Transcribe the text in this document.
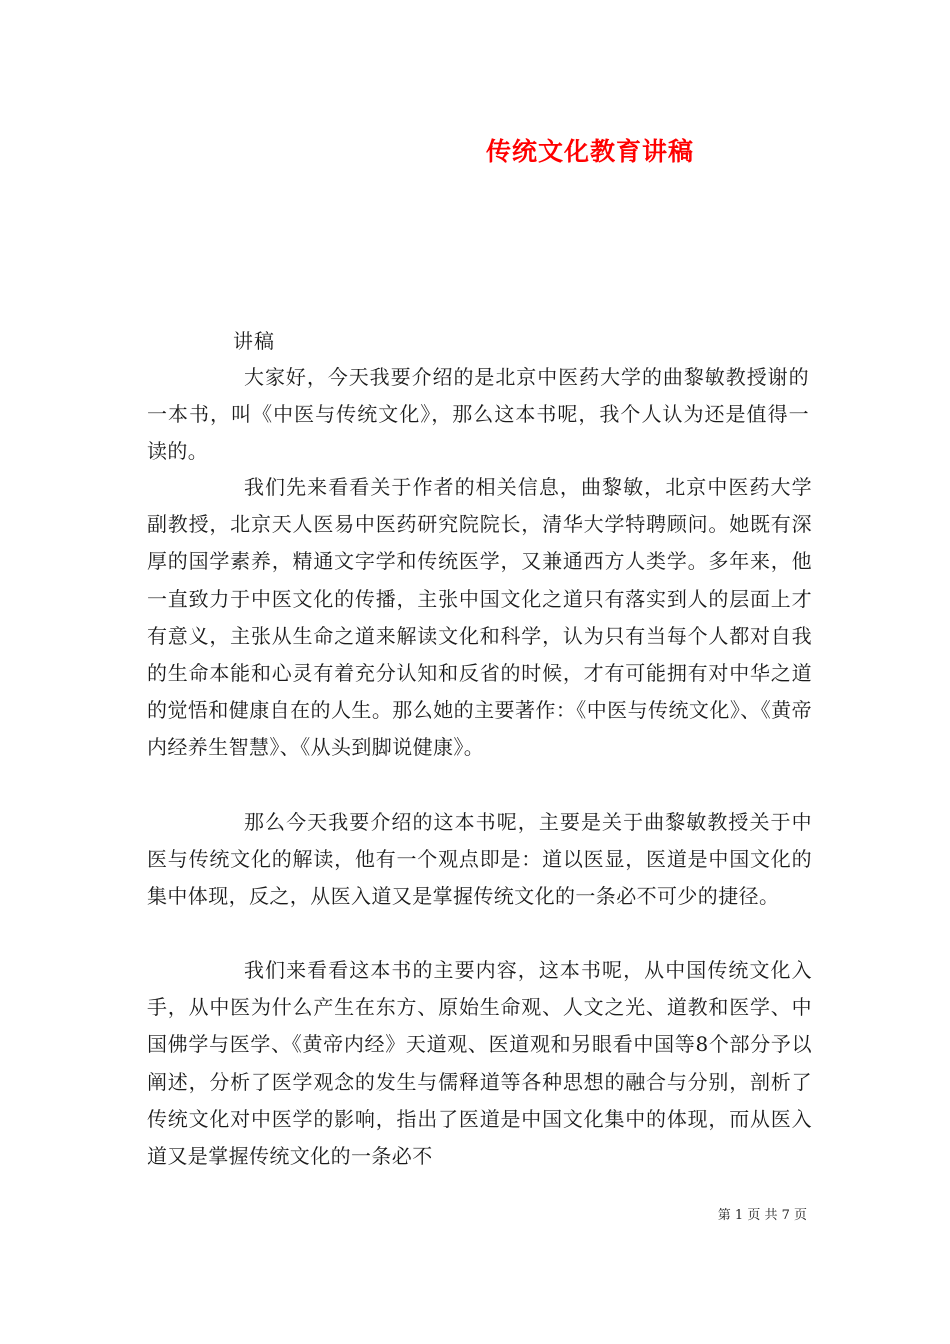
传统文化教育讲稿
讲稿

大家好，今天我要介绍的是北京中医药大学的曲黎敏教授谢的一本书，叫《中医与传统文化》，那么这本书呢，我个人认为还是值得一读的。

我们先来看看关于作者的相关信息，曲黎敏，北京中医药大学副教授，北京天人医易中医药研究院院长，清华大学特聘顾问。她既有深厚的国学素养，精通文字学和传统医学，又兼通西方人类学。多年来，他一直致力于中医文化的传播，主张中国文化之道只有落实到人的层面上才有意义，主张从生命之道来解读文化和科学，认为只有当每个人都对自我的生命本能和心灵有着充分认知和反省的时候，才有可能拥有对中华之道的觉悟和健康自在的人生。那么她的主要著作：《中医与传统文化》、《黄帝内经养生智慧》、《从头到脚说健康》。

那么今天我要介绍的这本书呢，主要是关于曲黎敏教授关于中医与传统文化的解读，他有一个观点即是：道以医显，医道是中国文化的集中体现，反之，从医入道又是掌握传统文化的一条必不可少的捷径。

我们来看看这本书的主要内容，这本书呢，从中国传统文化入手，从中医为什么产生在东方、原始生命观、人文之光、道教和医学、中国佛学与医学、《黄帝内经》天道观、医道观和另眼看中国等8个部分予以阐述，分析了医学观念的发生与儒释道等各种思想的融合与分别，剖析了传统文化对中医学的影响，指出了医道是中国文化集中的体现，而从医入道又是掌握传统文化的一条必不

第 1 页 共 7 页
